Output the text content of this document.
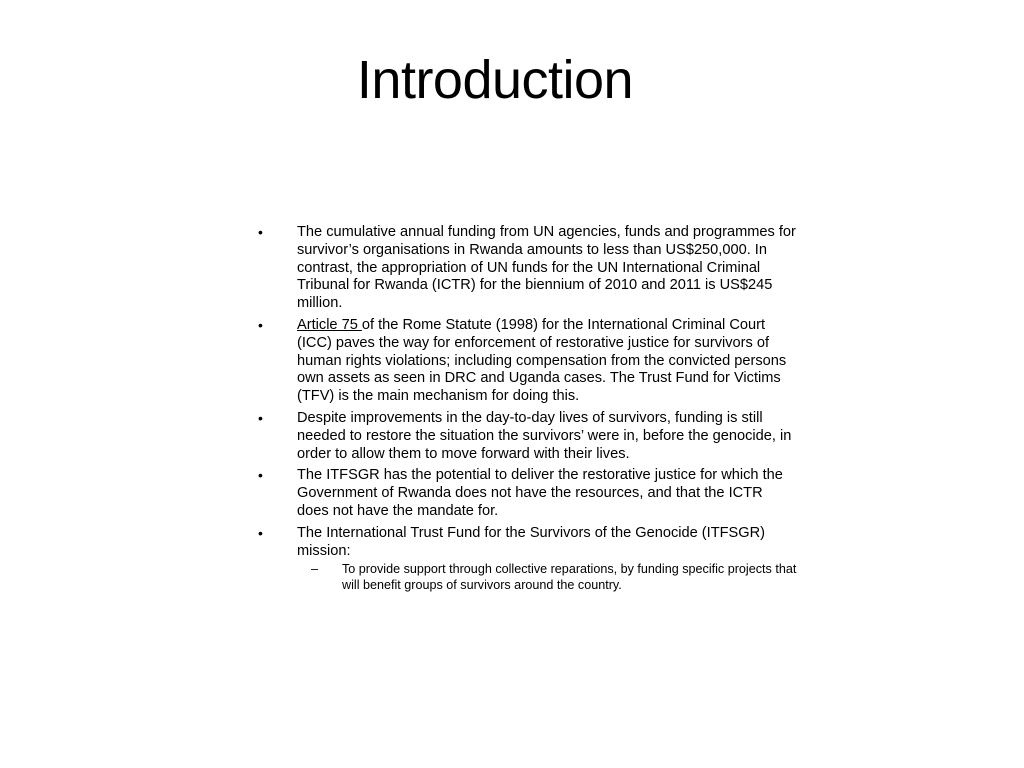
Introduction
•	The cumulative annual funding from UN agencies, funds and programmes for survivor’s organisations in Rwanda amounts to less than US$250,000. In contrast, the appropriation of UN funds for the UN International Criminal Tribunal for Rwanda (ICTR) for the biennium of 2010 and 2011 is US$245 million.
•	Article 75 of the Rome Statute (1998) for the International Criminal Court (ICC) paves the way for enforcement of restorative justice for survivors of human rights violations; including compensation from the convicted persons own assets as seen in DRC and Uganda cases. The Trust Fund for Victims (TFV) is the main mechanism for doing this.
•	Despite improvements in the day-to-day lives of survivors, funding is still needed to restore the situation the survivors’ were in, before the genocide, in order to allow them to move forward with their lives.
•	The ITFSGR has the potential to deliver the restorative justice for which the Government of Rwanda does not have the resources, and that the ICTR does not have the mandate for.
•	The International Trust Fund for the Survivors of the Genocide (ITFSGR) mission:
–	To provide support through collective reparations, by funding specific projects that will benefit groups of survivors around the country.
